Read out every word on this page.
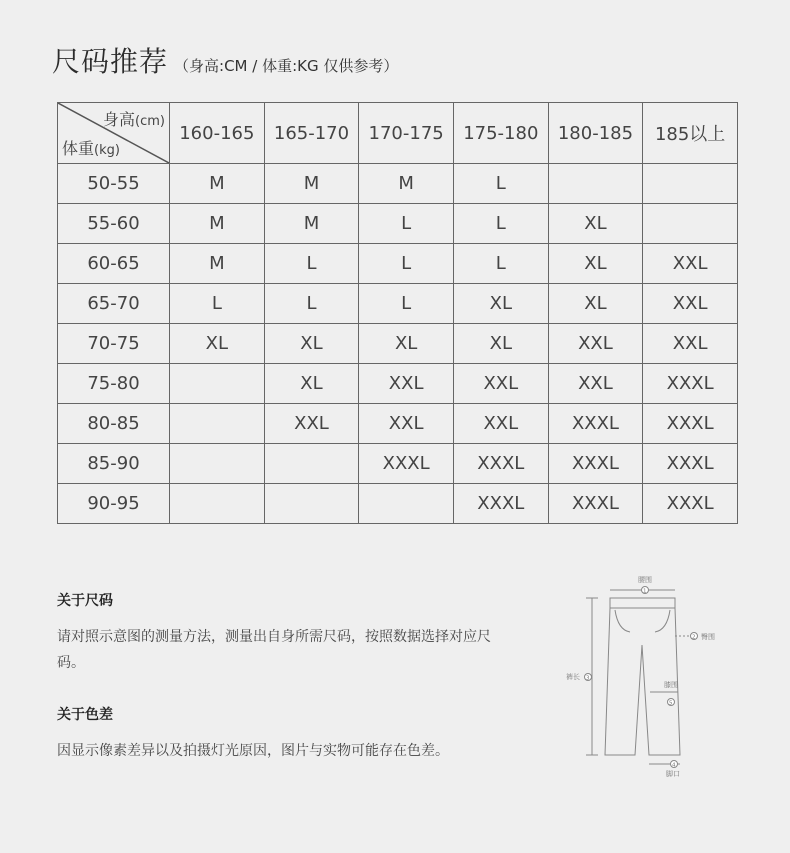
尺码推荐 （身高:CM / 体重:KG 仅供参考）
身高(cm)
体重(kg)	160-165	165-170	170-175	175-180	180-185	185以上
50-55	M	M	M	L		
55-60	M	M	L	L	XL	
60-65	M	L	L	L	XL	XXL
65-70	L	L	L	XL	XL	XXL
70-75	XL	XL	XL	XL	XXL	XXL
75-80		XL	XXL	XXL	XXL	XXXL
80-85		XXL	XXL	XXL	XXXL	XXXL
85-90			XXXL	XXXL	XXXL	XXXL
90-95				XXXL	XXXL	XXXL
关于尺码
请对照示意图的测量方法，测量出自身所需尺码，按照数据选择对应尺码。
关于色差
因显示像素差异以及拍摄灯光原因，图片与实物可能存在色差。
腰围
1
2 臀围
裤长 3
膝围
5
4
脚口
